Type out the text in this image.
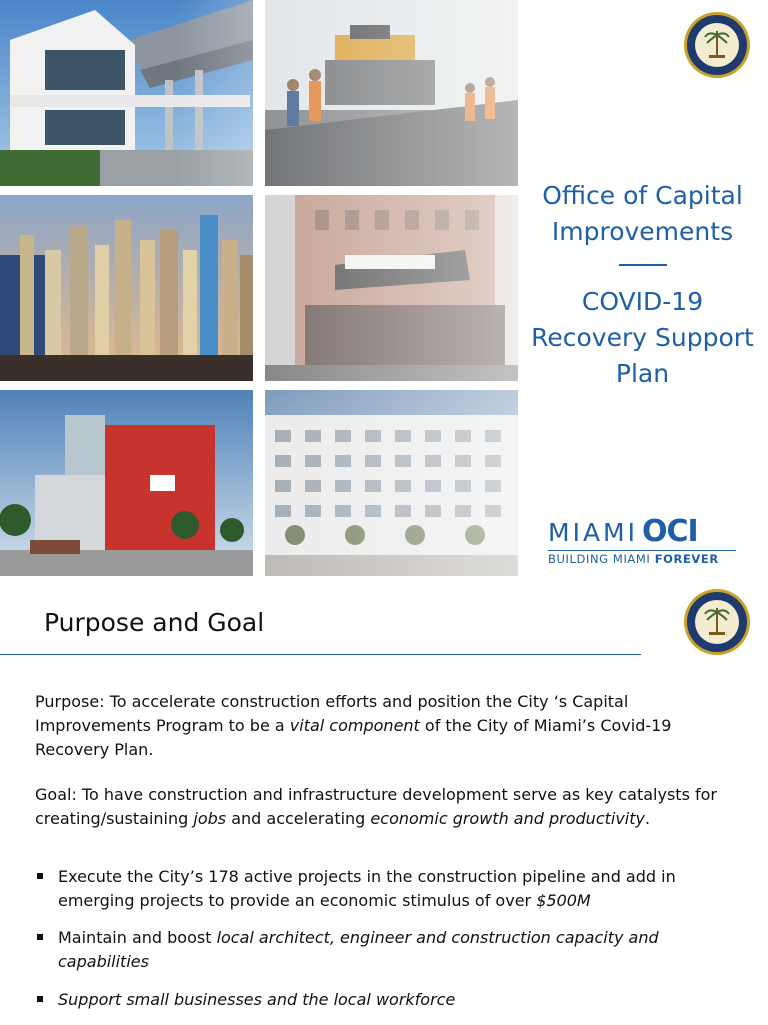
Office of Capital
Improvements
COVID-19
Recovery Support
Plan
MIAMI OCI
BUILDING MIAMI FOREVER
Purpose and Goal
Purpose: To accelerate construction efforts and position the City ‘s Capital Improvements Program to be a vital component of the City of Miami’s Covid-19 Recovery Plan.
Goal: To have construction and infrastructure development serve as key catalysts for creating/sustaining jobs and accelerating economic growth and productivity.
Execute the City’s 178 active projects in the construction pipeline and add in emerging projects to provide an economic stimulus of over $500M
Maintain and boost local architect, engineer and construction capacity and capabilities
Support small businesses and the local workforce
